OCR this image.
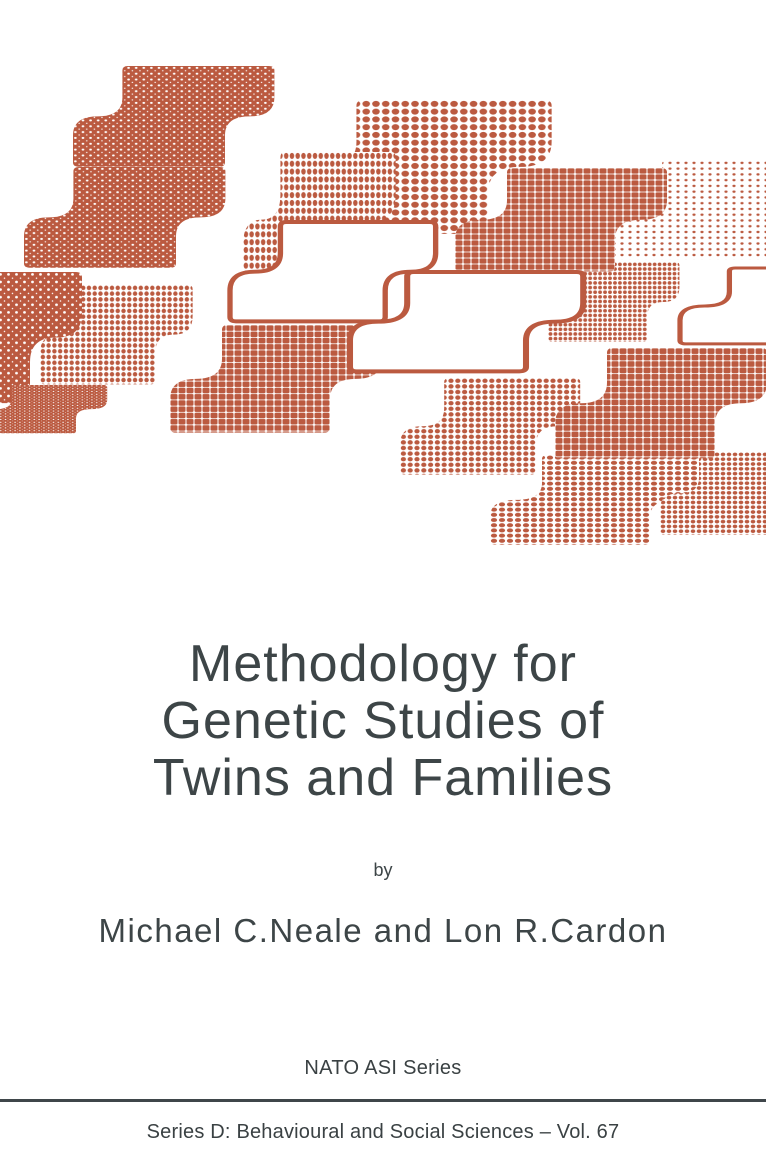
Methodology for
Genetic Studies of
Twins and Families
by
Michael C.Neale and Lon R.Cardon
NATO ASI Series
Series D: Behavioural and Social Sciences – Vol. 67
